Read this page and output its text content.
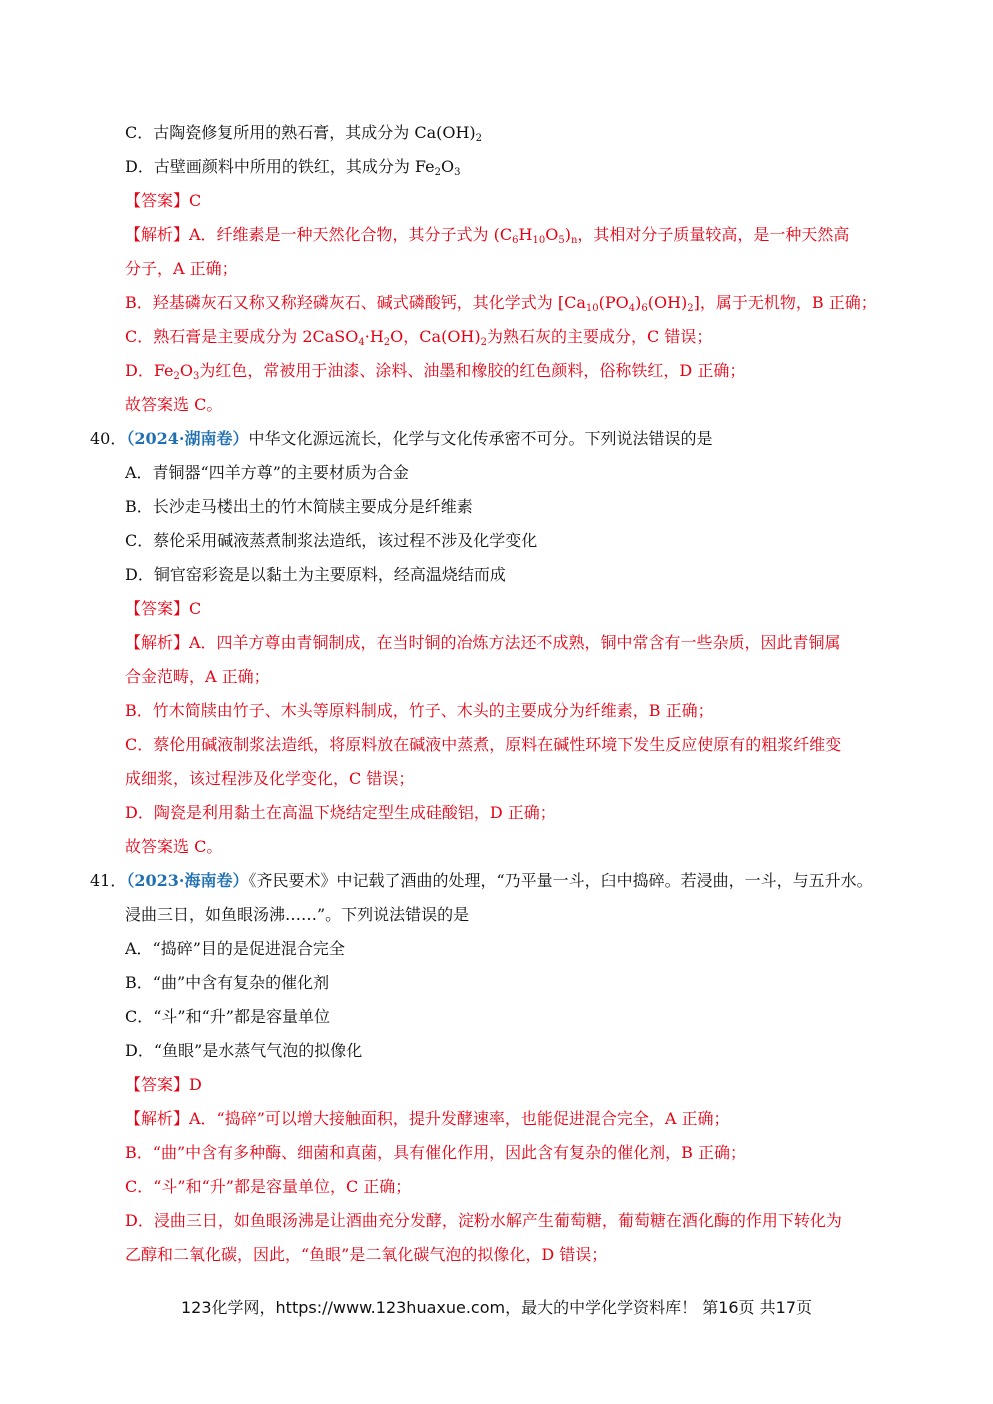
C．古陶瓷修复所用的熟石膏，其成分为 $Ca(OH)_2$
D．古壁画颜料中所用的铁红，其成分为 $Fe_2O_3$
【答案】C
【解析】A．纤维素是一种天然化合物，其分子式为 $(C_6H_{10}O_5)_n$，其相对分子质量较高，是一种天然高
分子，A 正确；
B．羟基磷灰石又称又称羟磷灰石、碱式磷酸钙，其化学式为 $[Ca_{10}(PO_4)_6(OH)_2]$，属于无机物，B 正确；
C．熟石膏是主要成分为 $2CaSO_4\cdot H_2O$，$Ca(OH)_2$为熟石灰的主要成分，C 错误；
D．$Fe_2O_3$为红色，常被用于油漆、涂料、油墨和橡胶的红色颜料，俗称铁红，D 正确；
故答案选 C。
40．（2024·湖南卷）中华文化源远流长，化学与文化传承密不可分。下列说法错误的是
A．青铜器“四羊方尊”的主要材质为合金
B．长沙走马楼出土的竹木简牍主要成分是纤维素
C．蔡伦采用碱液蒸煮制浆法造纸，该过程不涉及化学变化
D．铜官窑彩瓷是以黏土为主要原料，经高温烧结而成
【答案】C
【解析】A．四羊方尊由青铜制成，在当时铜的冶炼方法还不成熟，铜中常含有一些杂质，因此青铜属
合金范畴，A 正确；
B．竹木简牍由竹子、木头等原料制成，竹子、木头的主要成分为纤维素，B 正确；
C．蔡伦用碱液制浆法造纸，将原料放在碱液中蒸煮，原料在碱性环境下发生反应使原有的粗浆纤维变
成细浆，该过程涉及化学变化，C 错误；
D．陶瓷是利用黏土在高温下烧结定型生成硅酸铝，D 正确；
故答案选 C。
41．（2023·海南卷）《齐民要术》中记载了酒曲的处理，“乃平量一斗，臼中捣碎。若浸曲，一斗，与五升水。
浸曲三日，如鱼眼汤沸……”。下列说法错误的是
A．“捣碎”目的是促进混合完全
B．“曲”中含有复杂的催化剂
C．“斗”和“升”都是容量单位
D．“鱼眼”是水蒸气气泡的拟像化
【答案】D
【解析】A．“捣碎”可以增大接触面积，提升发酵速率，也能促进混合完全，A 正确；
B．“曲”中含有多种酶、细菌和真菌，具有催化作用，因此含有复杂的催化剂，B 正确；
C．“斗”和“升”都是容量单位，C 正确；
D．浸曲三日，如鱼眼汤沸是让酒曲充分发酵，淀粉水解产生葡萄糖，葡萄糖在酒化酶的作用下转化为
乙醇和二氧化碳，因此，“鱼眼”是二氧化碳气泡的拟像化，D 错误；
123化学网，https://www.123huaxue.com，最大的中学化学资料库！ 第16页 共17页
